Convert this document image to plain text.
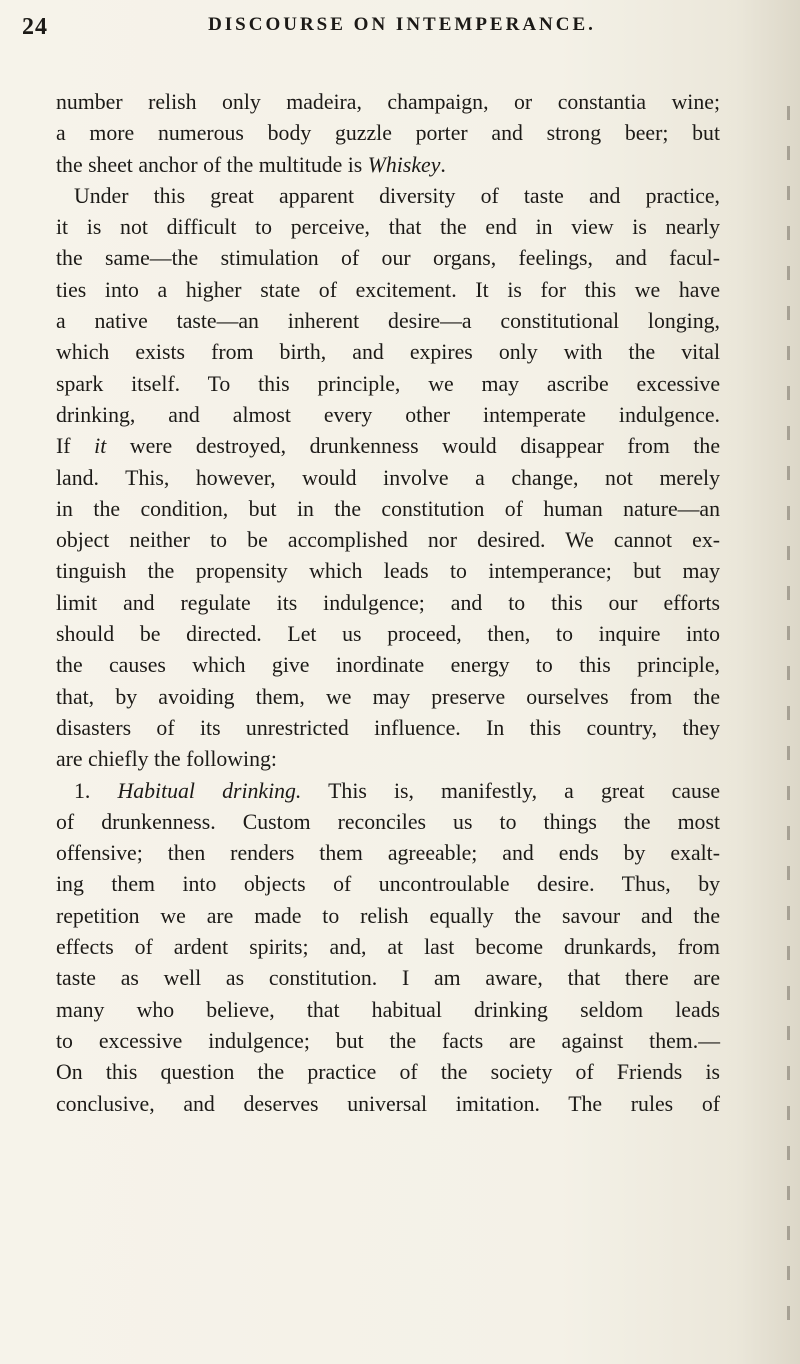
24	DISCOURSE ON INTEMPERANCE.
number relish only madeira, champaign, or constantia wine;
a more numerous body guzzle porter and strong beer; but
the sheet anchor of the multitude is Whiskey.
Under this great apparent diversity of taste and practice,
it is not difficult to perceive, that the end in view is nearly
the same—the stimulation of our organs, feelings, and facul-
ties into a higher state of excitement. It is for this we have
a native taste—an inherent desire—a constitutional longing,
which exists from birth, and expires only with the vital
spark itself. To this principle, we may ascribe excessive
drinking, and almost every other intemperate indulgence.
If it were destroyed, drunkenness would disappear from the
land. This, however, would involve a change, not merely
in the condition, but in the constitution of human nature—an
object neither to be accomplished nor desired. We cannot ex-
tinguish the propensity which leads to intemperance; but may
limit and regulate its indulgence; and to this our efforts
should be directed. Let us proceed, then, to inquire into
the causes which give inordinate energy to this principle,
that, by avoiding them, we may preserve ourselves from the
disasters of its unrestricted influence. In this country, they
are chiefly the following:
1. Habitual drinking. This is, manifestly, a great cause
of drunkenness. Custom reconciles us to things the most
offensive; then renders them agreeable; and ends by exalt-
ing them into objects of uncontroulable desire. Thus, by
repetition we are made to relish equally the savour and the
effects of ardent spirits; and, at last become drunkards, from
taste as well as constitution. I am aware, that there are
many who believe, that habitual drinking seldom leads
to excessive indulgence; but the facts are against them.—
On this question the practice of the society of Friends is
conclusive, and deserves universal imitation. The rules of
